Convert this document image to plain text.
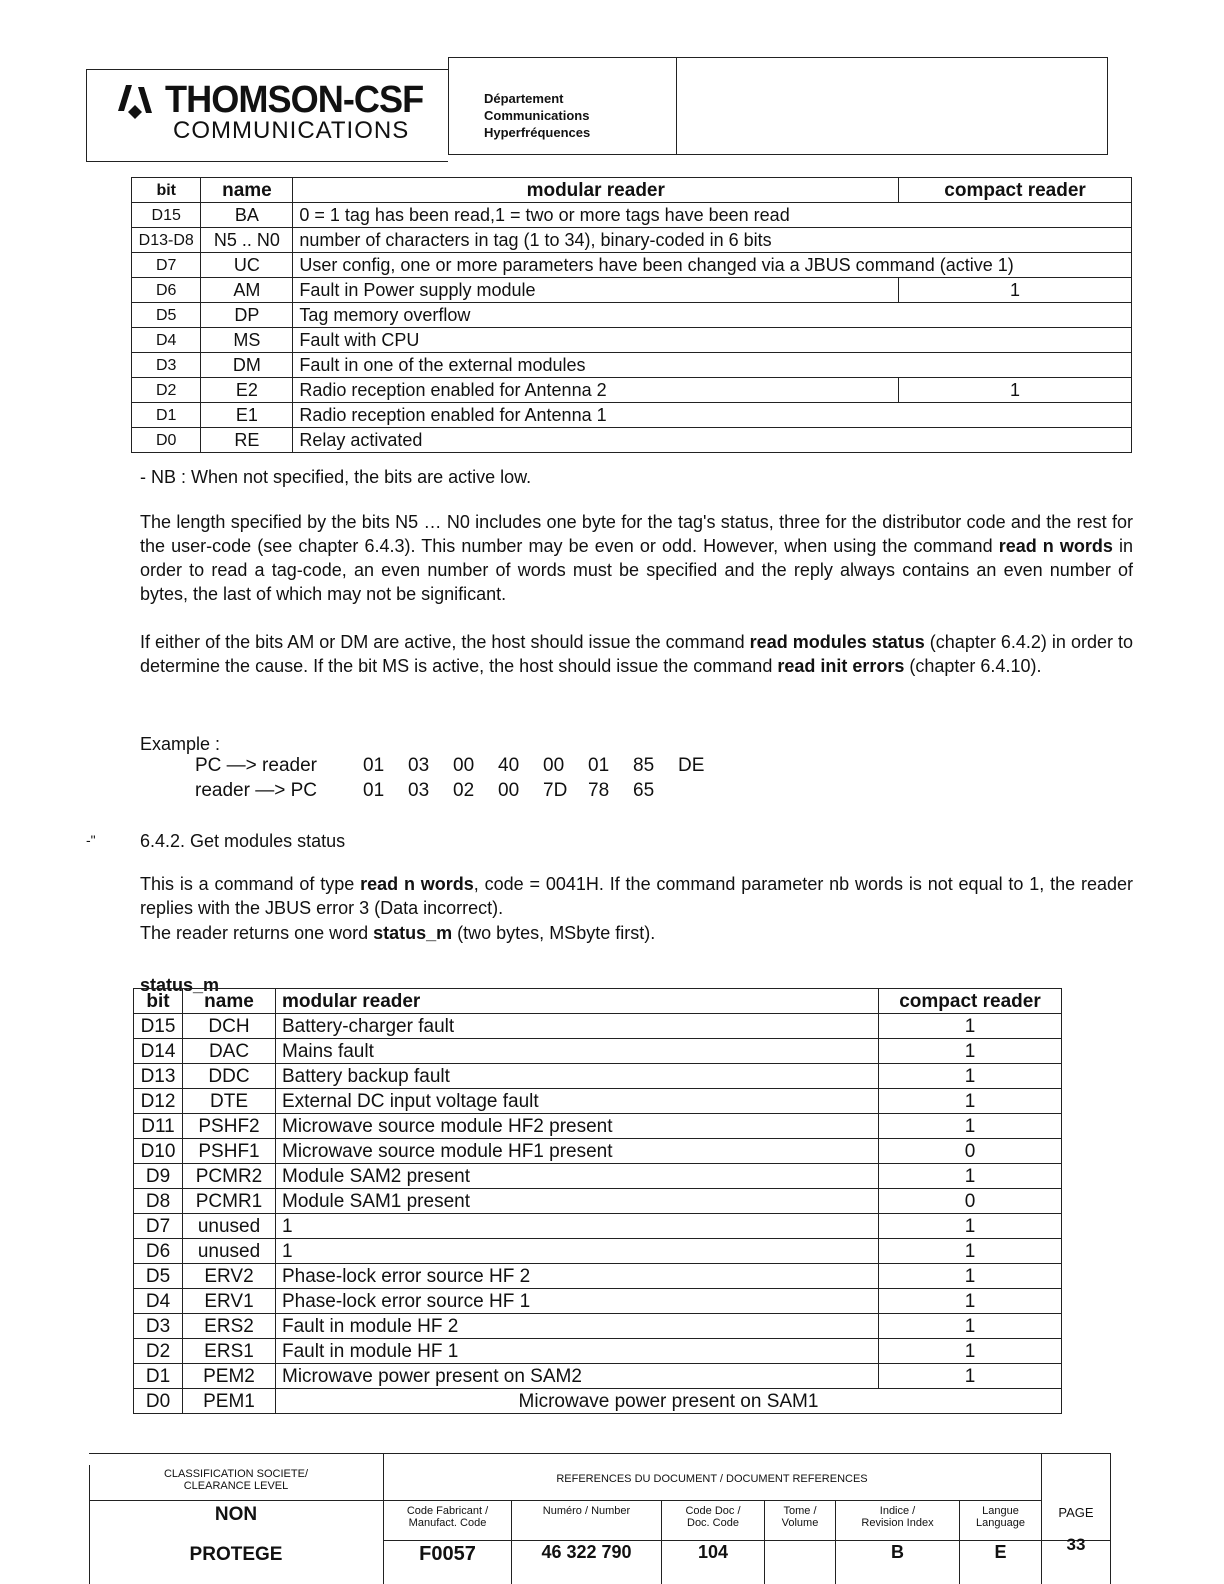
THOMSON-CSF
COMMUNICATIONS
Département
Communications
Hyperfréquences
bit	name	modular reader	compact reader
D15	BA	0 = 1 tag has been read,1 = two or more tags have been read	
D13-D8	N5 .. N0	number of characters in tag (1 to 34), binary-coded in 6 bits	
D7	UC	User config, one or more parameters have been changed via a JBUS command (active 1)	
D6	AM	Fault in Power supply module	1
D5	DP	Tag memory overflow	
D4	MS	Fault with CPU	
D3	DM	Fault in one of the external modules	
D2	E2	Radio reception enabled for Antenna 2	1
D1	E1	Radio reception enabled for Antenna 1	
D0	RE	Relay activated	
- NB : When not specified, the bits are active low.
The length specified by the bits N5 … N0 includes one byte for the tag's status, three for the distributor code and the rest for the user-code (see chapter 6.4.3). This number may be even or odd. However, when using the command read n words in order to read a tag-code, an even number of words must be specified and the reply always contains an even number of bytes, the last of which may not be significant.
If either of the bits AM or DM are active, the host should issue the command read modules status (chapter 6.4.2) in order to determine the cause. If the bit MS is active, the host should issue the command read init errors (chapter 6.4.10).
Example :
PC —> reader	01	03	00	40	00	01	85	DE
reader —> PC	01	03	02	00	7D	78	65	
-" 6.4.2. Get modules status
This is a command of type read n words, code = 0041H. If the command parameter nb words is not equal to 1, the reader replies with the JBUS error 3 (Data incorrect).
The reader returns one word status_m (two bytes, MSbyte first).
status_m
bit	name	modular reader	compact reader
D15	DCH	Battery-charger fault	1
D14	DAC	Mains fault	1
D13	DDC	Battery backup fault	1
D12	DTE	External DC input voltage fault	1
D11	PSHF2	Microwave source module HF2 present	1
D10	PSHF1	Microwave source module HF1 present	0
D9	PCMR2	Module SAM2 present	1
D8	PCMR1	Module SAM1 present	0
D7	unused	1	1
D6	unused	1	1
D5	ERV2	Phase-lock error source HF 2	1
D4	ERV1	Phase-lock error source HF 1	1
D3	ERS2	Fault in module HF 2	1
D2	ERS1	Fault in module HF 1	1
D1	PEM2	Microwave power present on SAM2	1
D0	PEM1	Microwave power present on SAM1	
CLASSIFICATION SOCIETE/
CLEARANCE LEVEL
NON
PROTEGE
REFERENCES DU DOCUMENT / DOCUMENT REFERENCES
Code Fabricant /
Manufact. Code
Numéro / Number	Code Doc /
Doc. Code
Tome /
Volume
Indice /
Revision Index
Langue
Language
F0057	46 322 790	104	B	E
PAGE
33
